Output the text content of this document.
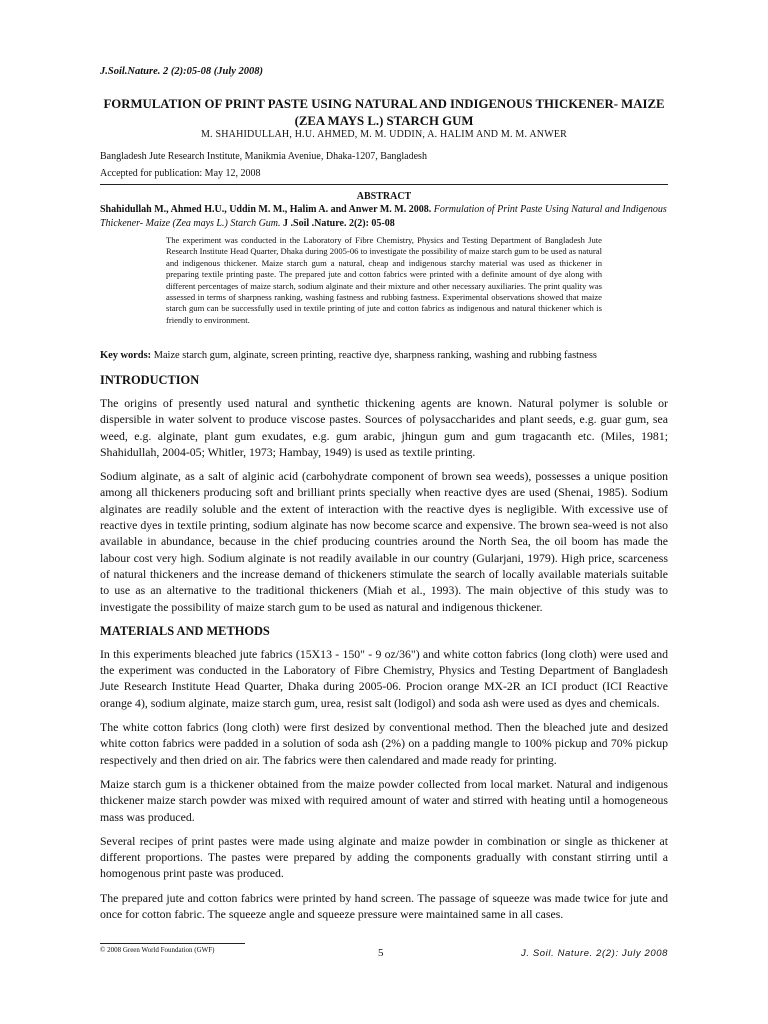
J.Soil.Nature. 2 (2):05-08 (July 2008)
FORMULATION OF PRINT PASTE USING NATURAL AND INDIGENOUS THICKENER- MAIZE
(ZEA MAYS L.) STARCH GUM
M. SHAHIDULLAH, H.U. AHMED, M. M. UDDIN, A. HALIM AND M. M. ANWER
Bangladesh Jute Research Institute, Manikmia Aveniue, Dhaka-1207, Bangladesh
Accepted for publication: May 12, 2008
ABSTRACT
Shahidullah M., Ahmed H.U., Uddin M. M., Halim A. and Anwer M. M. 2008. Formulation of Print Paste Using Natural and Indigenous Thickener- Maize (Zea mays L.) Starch Gum. J .Soil .Nature. 2(2): 05-08
The experiment was conducted in the Laboratory of Fibre Chemistry, Physics and Testing Department of Bangladesh Jute Research Institute Head Quarter, Dhaka during 2005-06 to investigate the possibility of maize starch gum to be used as natural and indigenous thickener. Maize starch gum a natural, cheap and indigenous starchy material was used as thickener in preparing textile printing paste. The prepared jute and cotton fabrics were printed with a definite amount of dye along with different percentages of maize starch, sodium alginate and their mixture and other necessary auxiliaries. The print quality was assessed in terms of sharpness ranking, washing fastness and rubbing fastness. Experimental observations showed that maize starch gum can be successfully used in textile printing of jute and cotton fabrics as indigenous and natural thickener which is friendly to environment.
Key words: Maize starch gum, alginate, screen printing, reactive dye, sharpness ranking, washing and rubbing fastness
INTRODUCTION

The origins of presently used natural and synthetic thickening agents are known. Natural polymer is soluble or dispersible in water solvent to produce viscose pastes. Sources of polysaccharides and plant seeds, e.g. guar gum, sea weed, e.g. alginate, plant gum exudates, e.g. gum arabic, jhingun gum and gum tragacanth etc. (Miles, 1981; Shahidullah, 2004-05; Whitler, 1973; Hambay, 1949) is used as textile printing.

Sodium alginate, as a salt of alginic acid (carbohydrate component of brown sea weeds), possesses a unique position among all thickeners producing soft and brilliant prints specially when reactive dyes are used (Shenai, 1985). Sodium alginates are readily soluble and the extent of interaction with the reactive dyes is negligible. With excessive use of reactive dyes in textile printing, sodium alginate has now become scarce and expensive. The brown sea-weed is not also available in abundance, because in the chief producing countries around the North Sea, the oil boom has made the labour cost very high. Sodium alginate is not readily available in our country (Gularjani, 1979). High price, scarceness of natural thickeners and the increase demand of thickeners stimulate the search of locally available materials suitable to use as an alternative to the traditional thickeners (Miah et al., 1993). The main objective of this study was to investigate the possibility of maize starch gum to be used as natural and indigenous thickener.

MATERIALS AND METHODS

In this experiments bleached jute fabrics (15X13 - 150" - 9 oz/36") and white cotton fabrics (long cloth) were used and the experiment was conducted in the Laboratory of Fibre Chemistry, Physics and Testing Department of Bangladesh Jute Research Institute Head Quarter, Dhaka during 2005-06. Procion orange MX-2R an ICI product (ICI Reactive orange 4), sodium alginate, maize starch gum, urea, resist salt (lodigol) and soda ash were used as dyes and chemicals.

The white cotton fabrics (long cloth) were first desized by conventional method. Then the bleached jute and desized white cotton fabrics were padded in a solution of soda ash (2%) on a padding mangle to 100% pickup and 70% pickup respectively and then dried on air. The fabrics were then calendared and made ready for printing.

Maize starch gum is a thickener obtained from the maize powder collected from local market. Natural and indigenous thickener maize starch powder was mixed with required amount of water and stirred with heating until a homogeneous mass was produced.

Several recipes of print pastes were made using alginate and maize powder in combination or single as thickener at different proportions. The pastes were prepared by adding the components gradually with constant stirring until a homogenous print paste was produced.

The prepared jute and cotton fabrics were printed by hand screen. The passage of squeeze was made twice for jute and once for cotton fabric. The squeeze angle and squeeze pressure were maintained same in all cases.

© 2008 Green World Foundation (GWF)	5	J. Soil. Nature. 2(2): July 2008
